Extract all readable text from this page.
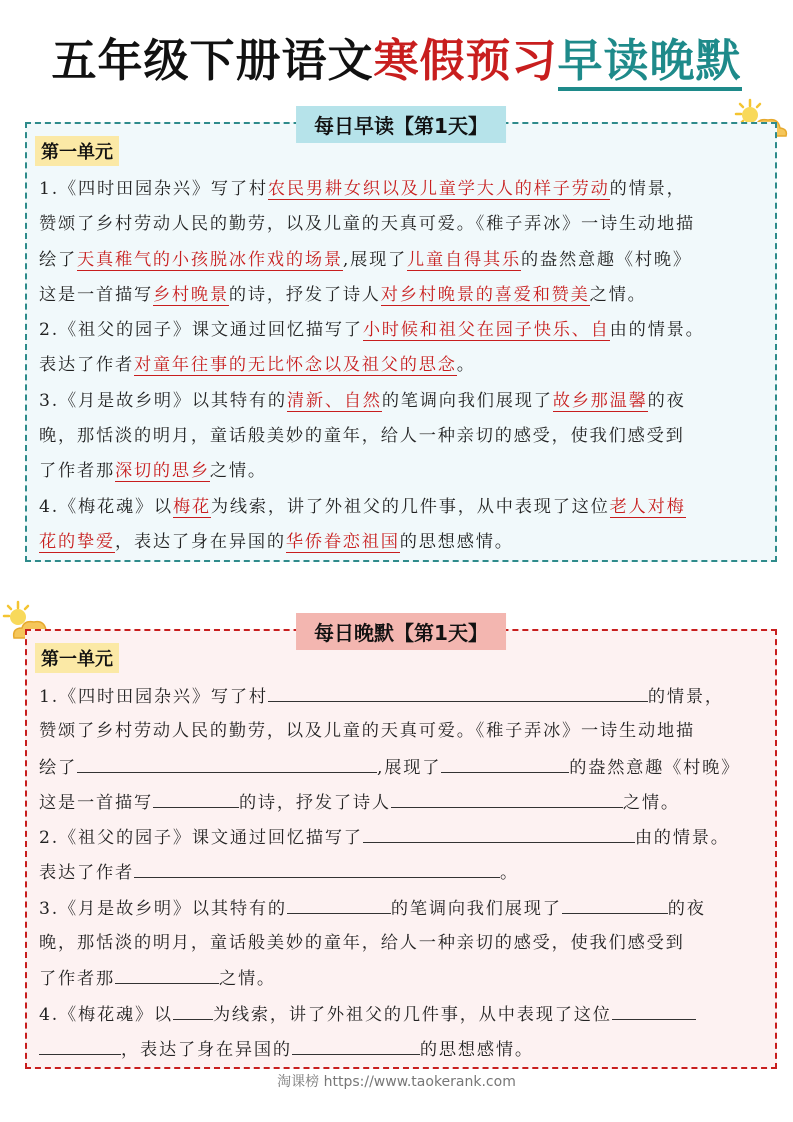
五年级下册语文寒假预习早读晚默
每日早读【第1天】
第一单元
1.《四时田园杂兴》写了村农民男耕女织以及儿童学大人的样子劳动的情景，
赞颂了乡村劳动人民的勤劳，以及儿童的天真可爱。《稚子弄冰》一诗生动地描
绘了天真稚气的小孩脱冰作戏的场景,展现了儿童自得其乐的盎然意趣《村晚》
这是一首描写乡村晚景的诗，抒发了诗人对乡村晚景的喜爱和赞美之情。
2.《祖父的园子》课文通过回忆描写了小时候和祖父在园子快乐、自由的情景。
表达了作者对童年往事的无比怀念以及祖父的思念。
3.《月是故乡明》以其特有的清新、自然的笔调向我们展现了故乡那温馨的夜
晚，那恬淡的明月，童话般美妙的童年，给人一种亲切的感受，使我们感受到
了作者那深切的思乡之情。
4.《梅花魂》以梅花为线索，讲了外祖父的几件事，从中表现了这位老人对梅
花的挚爱，表达了身在异国的华侨眷恋祖国的思想感情。
每日晚默【第1天】
第一单元
1.《四时田园杂兴》写了村	的情景，
赞颂了乡村劳动人民的勤劳，以及儿童的天真可爱。《稚子弄冰》一诗生动地描
绘了	,展现了	的盎然意趣《村晚》
这是一首描写	的诗，抒发了诗人	之情。
2.《祖父的园子》课文通过回忆描写了	由的情景。
表达了作者	。
3.《月是故乡明》以其特有的	的笔调向我们展现了	的夜
晚，那恬淡的明月，童话般美妙的童年，给人一种亲切的感受，使我们感受到
了作者那	之情。
4.《梅花魂》以 为线索，讲了外祖父的几件事，从中表现了这位
，表达了身在异国的	的思想感情。
淘课榜 https://www.taokerank.com
